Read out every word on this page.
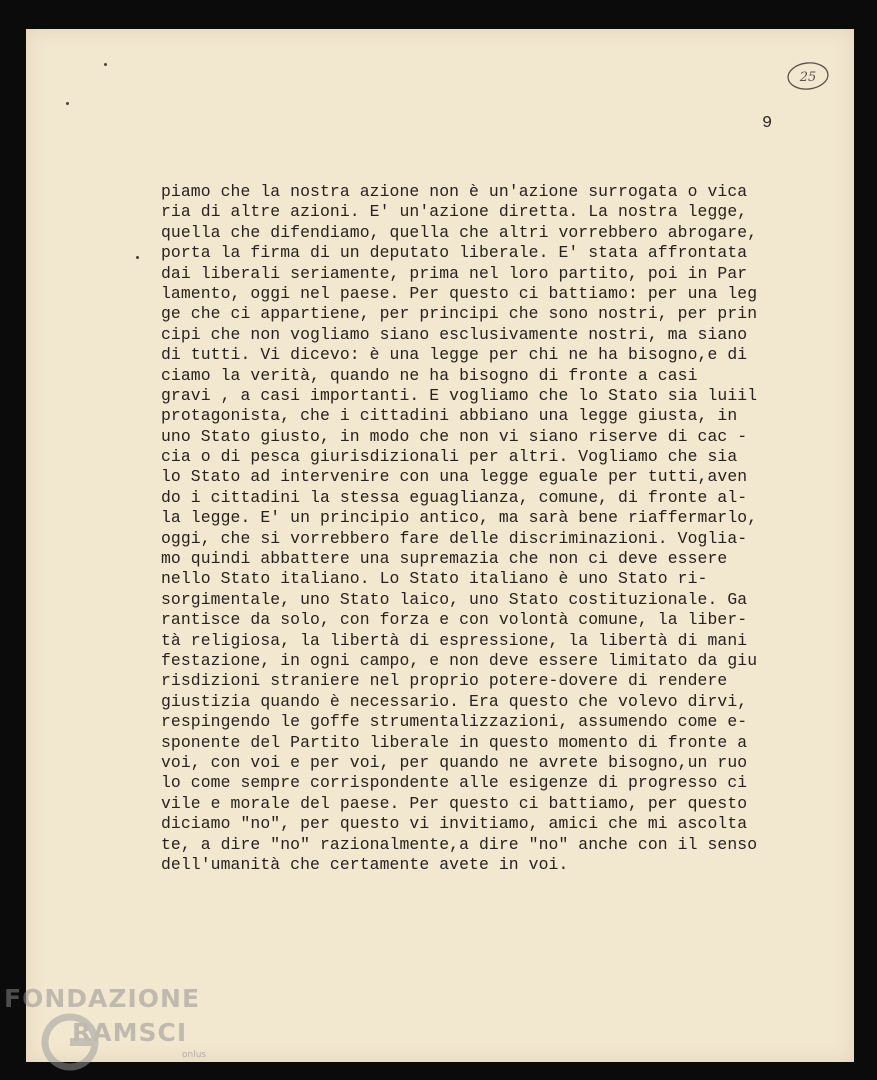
25
9
piamo che la nostra azione non è un'azione surrogata o vica
ria di altre azioni. E' un'azione diretta. La nostra legge,
quella che difendiamo, quella che altri vorrebbero abrogare,
porta la firma di un deputato liberale. E' stata affrontata
dai liberali seriamente, prima nel loro partito, poi in Par
lamento, oggi nel paese. Per questo ci battiamo: per una leg
ge che ci appartiene, per principi che sono nostri, per prin
cipi che non vogliamo siano esclusivamente nostri, ma siano
di tutti. Vi dicevo: è una legge per chi ne ha bisogno,e di
ciamo la verità, quando ne ha bisogno di fronte a casi
gravi , a casi importanti. E vogliamo che lo Stato sia luiil
protagonista, che i cittadini abbiano una legge giusta, in
uno Stato giusto, in modo che non vi siano riserve di cac -
cia o di pesca giurisdizionali per altri. Vogliamo che sia
lo Stato ad intervenire con una legge eguale per tutti,aven
do i cittadini la stessa eguaglianza, comune, di fronte al-
la legge. E' un principio antico, ma sarà bene riaffermarlo,
oggi, che si vorrebbero fare delle discriminazioni. Voglia-
mo quindi abbattere una supremazia che non ci deve essere
nello Stato italiano. Lo Stato italiano è uno Stato ri-
sorgimentale, uno Stato laico, uno Stato costituzionale. Ga
rantisce da solo, con forza e con volontà comune, la liber-
tà religiosa, la libertà di espressione, la libertà di mani
festazione, in ogni campo, e non deve essere limitato da giu
risdizioni straniere nel proprio potere-dovere di rendere
giustizia quando è necessario. Era questo che volevo dirvi,
respingendo le goffe strumentalizzazioni, assumendo come e-
sponente del Partito liberale in questo momento di fronte a
voi, con voi e per voi, per quando ne avrete bisogno,un ruo
lo come sempre corrispondente alle esigenze di progresso ci
vile e morale del paese. Per questo ci battiamo, per questo
diciamo "no", per questo vi invitiamo, amici che mi ascolta
te, a dire "no" razionalmente,a dire "no" anche con il senso
dell'umanità che certamente avete in voi.
FONDAZIONE
RAMSCI
onlus
